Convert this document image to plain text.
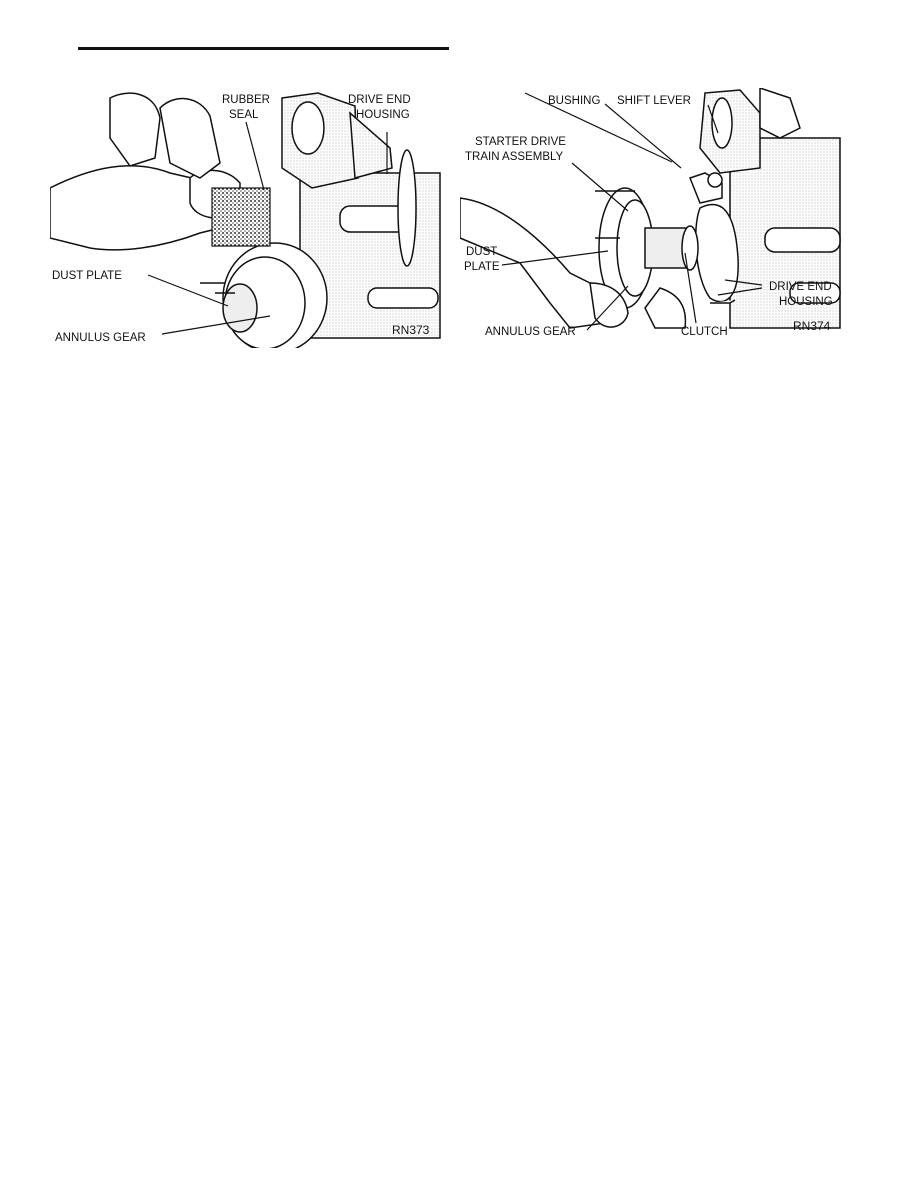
RUBBER
SEAL
DRIVE END
HOUSING
DUST PLATE
ANNULUS GEAR
RN373
BUSHING SHIFT LEVER
STARTER DRIVE
TRAIN ASSEMBLY
DUST
PLATE
DRIVE END
HOUSING
ANNULUS GEAR	CLUTCH	RN374
